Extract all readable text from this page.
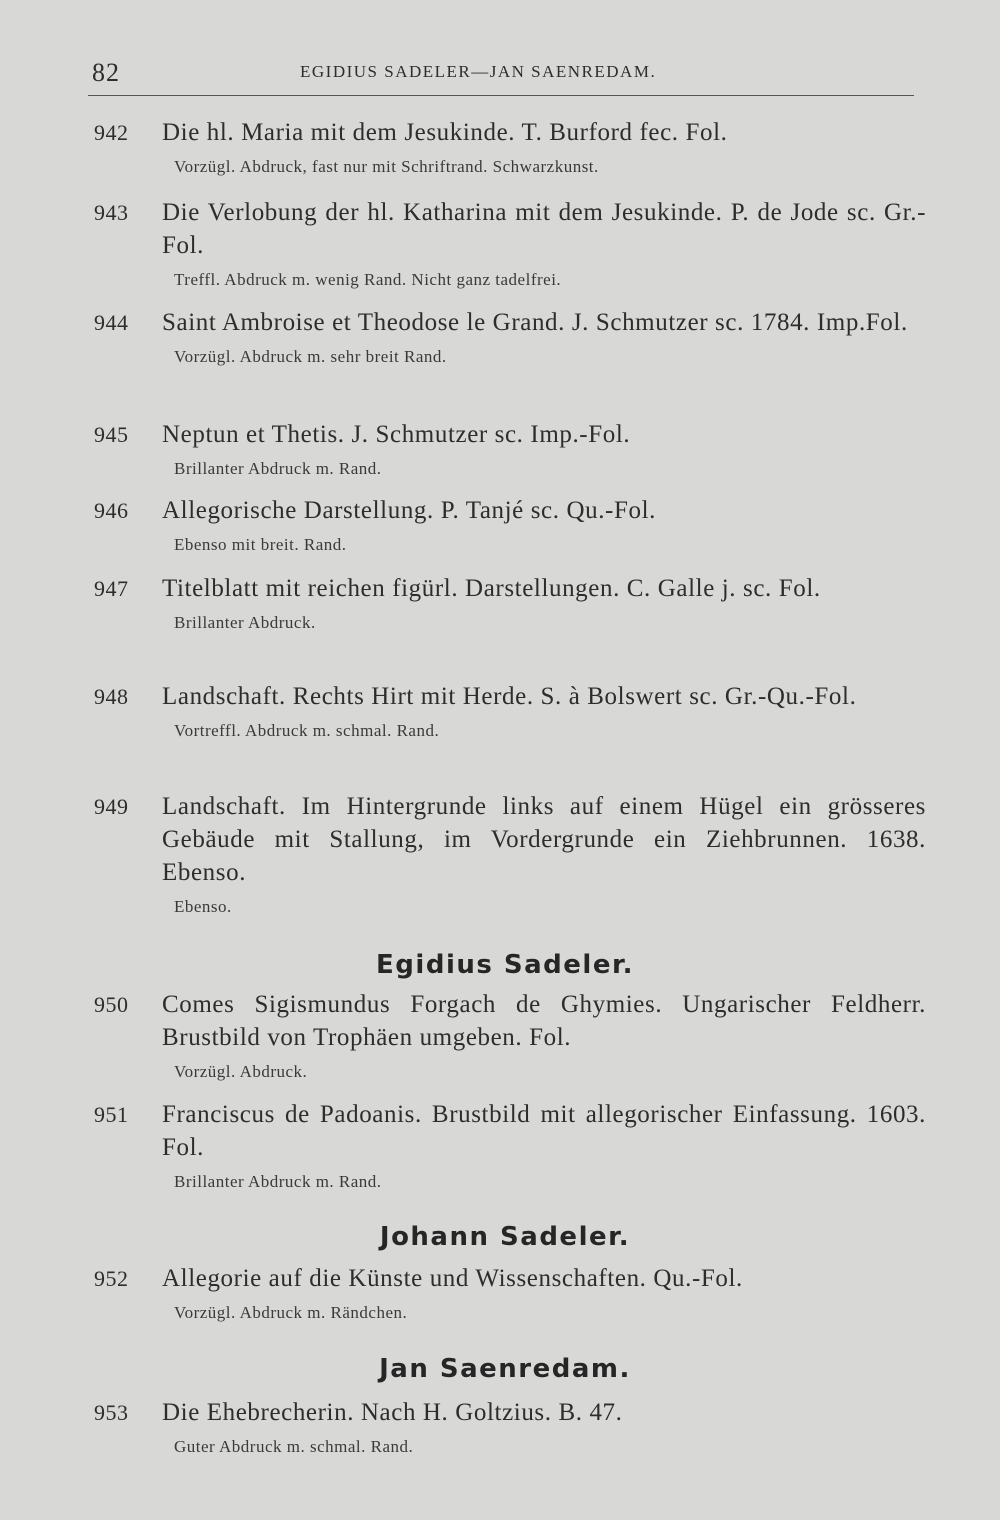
82	EGIDIUS SADELER—JAN SAENREDAM.
942	Die hl. Maria mit dem Jesukinde. T. Burford fec. Fol.
Vorzügl. Abdruck, fast nur mit Schriftrand. Schwarzkunst.
943	Die Verlobung der hl. Katharina mit dem Jesukinde. P. de Jode sc. Gr.-Fol.
Treffl. Abdruck m. wenig Rand. Nicht ganz tadelfrei.
944	Saint Ambroise et Theodose le Grand. J. Schmutzer sc. 1784. Imp.Fol.
Vorzügl. Abdruck m. sehr breit Rand.
945	Neptun et Thetis. J. Schmutzer sc. Imp.-Fol.
Brillanter Abdruck m. Rand.
946	Allegorische Darstellung. P. Tanjé sc. Qu.-Fol.
Ebenso mit breit. Rand.
947	Titelblatt mit reichen figürl. Darstellungen. C. Galle j. sc. Fol.
Brillanter Abdruck.
948	Landschaft. Rechts Hirt mit Herde. S. à Bolswert sc. Gr.-Qu.-Fol.
Vortreffl. Abdruck m. schmal. Rand.
949	Landschaft. Im Hintergrunde links auf einem Hügel ein grösseres Gebäude mit Stallung, im Vordergrunde ein Ziehbrunnen. 1638. Ebenso.
Ebenso.
Egidius Sadeler.
950	Comes Sigismundus Forgach de Ghymies. Ungarischer Feldherr. Brustbild von Trophäen umgeben. Fol.
Vorzügl. Abdruck.
951	Franciscus de Padoanis. Brustbild mit allegorischer Einfassung. 1603. Fol.
Brillanter Abdruck m. Rand.
Johann Sadeler.
952	Allegorie auf die Künste und Wissenschaften. Qu.-Fol.
Vorzügl. Abdruck m. Rändchen.
Jan Saenredam.
953	Die Ehebrecherin. Nach H. Goltzius. B. 47.
Guter Abdruck m. schmal. Rand.
